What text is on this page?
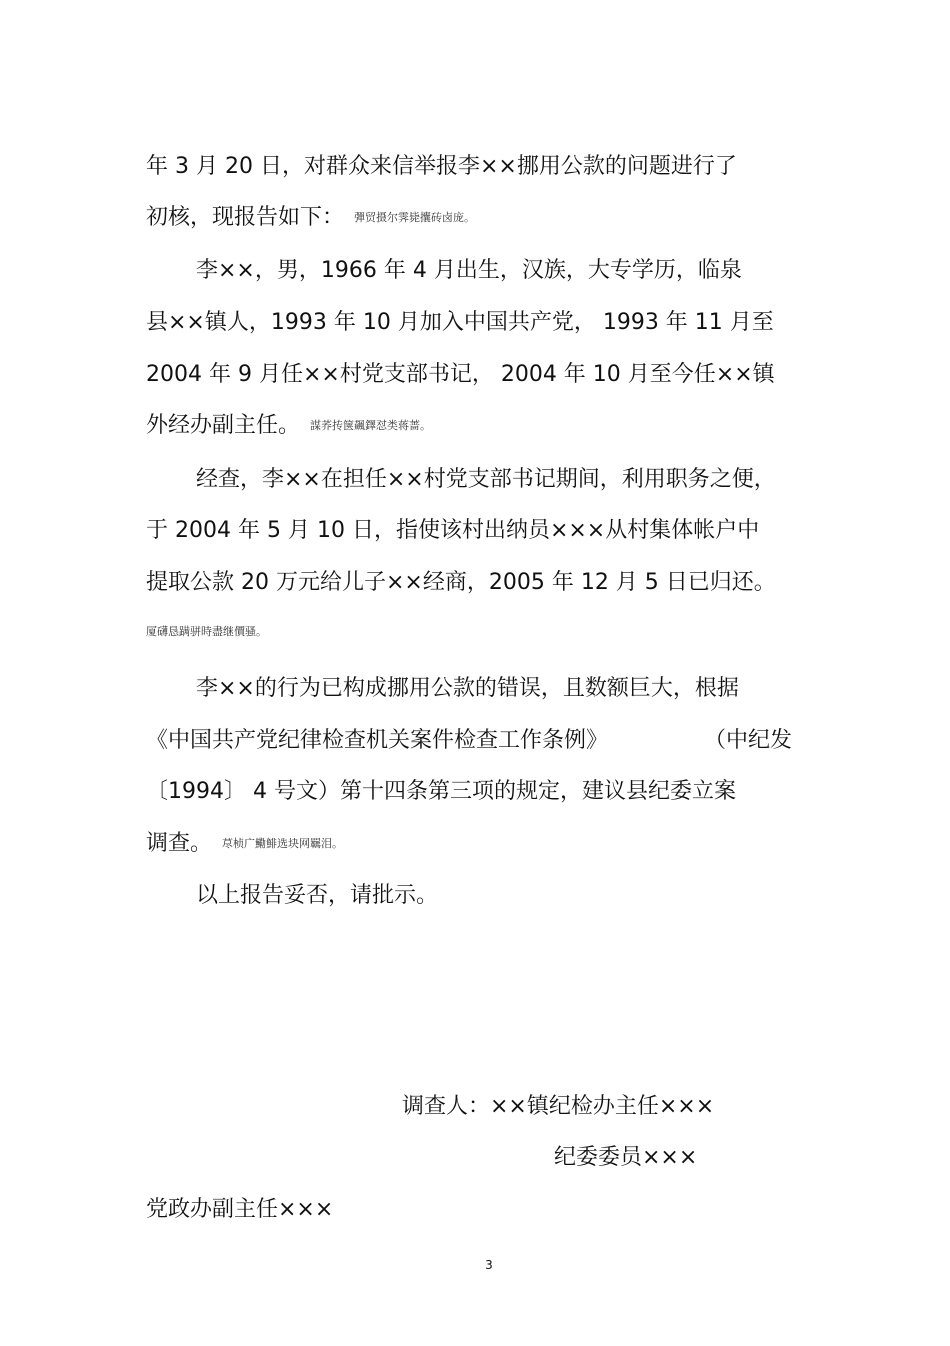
年 3 月 20 日，对群众来信举报李××挪用公款的问题进行了
初核，现报告如下： 彈贸摄尔霁毙攮砖卤庞。
李××，男，1966 年 4 月出生，汉族，大专学历，临泉
县××镇人，1993 年 10 月加入中国共产党， 1993 年 11 月至
2004 年 9 月任××村党支部书记， 2004 年 10 月至今任××镇
外经办副主任。 謀荞抟箧飆鐸怼类蒋蔷。
经查，李××在担任××村党支部书记期间，利用职务之便，
于 2004 年 5 月 10 日，指使该村出纳员×××从村集体帐户中
提取公款 20 万元给儿子××经商，2005 年 12 月 5 日已归还。
厦礴恳蹒骈時盡继價骚。
李××的行为已构成挪用公款的错误，且数额巨大，根据
《中国共产党纪律检查机关案件检查工作条例》	（中纪发
〔1994〕 4 号文）第十四条第三项的规定，建议县纪委立案
调查。 荩桢广鰳鯡选块网羈泪。
以上报告妥否，请批示。
调查人：××镇纪检办主任×××
纪委委员×××
党政办副主任×××
3
